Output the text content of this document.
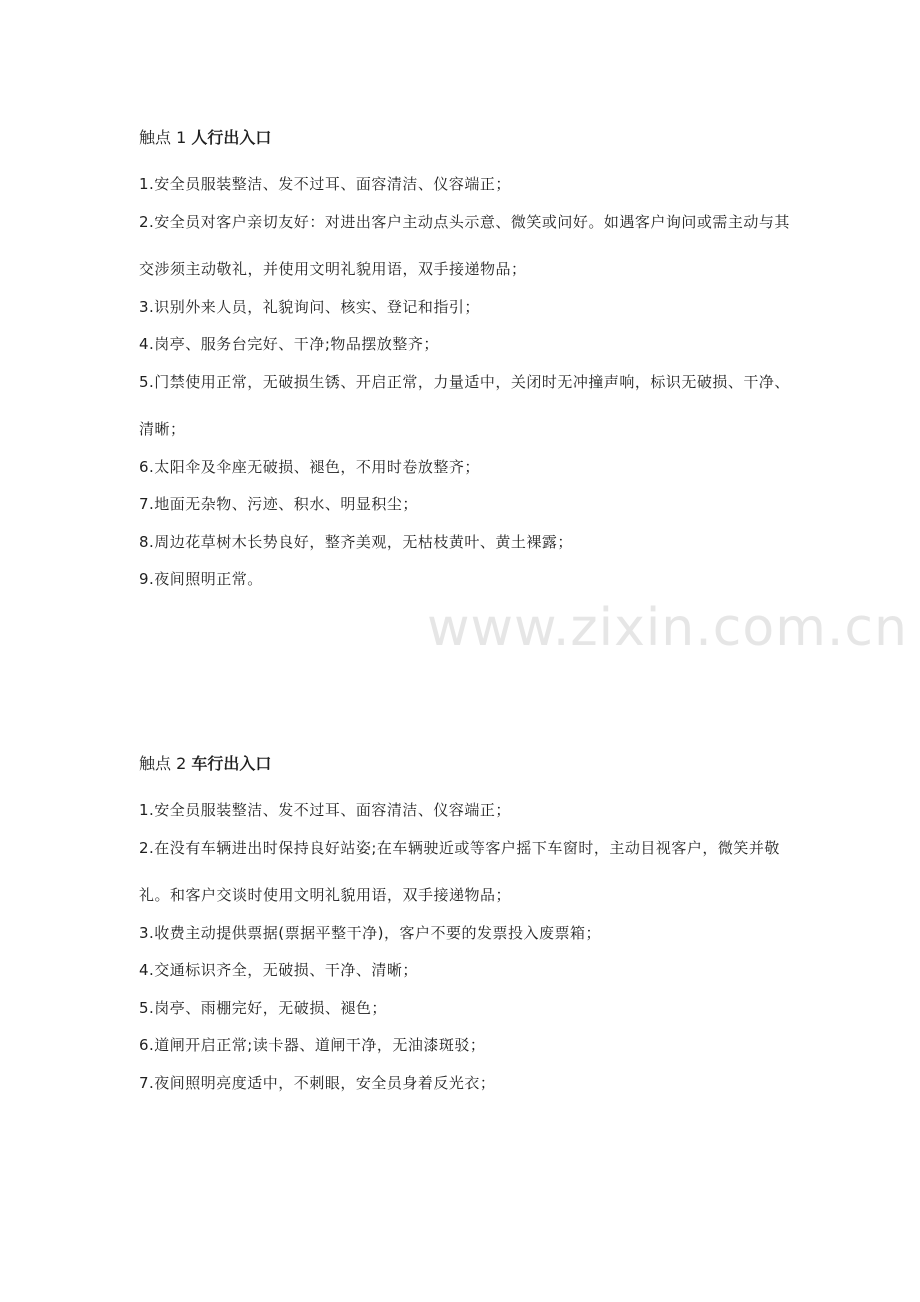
www.zixin.com.cn
触点 1 人行出入口
1.安全员服装整洁、发不过耳、面容清洁、仪容端正；
2.安全员对客户亲切友好：对进出客户主动点头示意、微笑或问好。如遇客户询问或需主动与其交涉须主动敬礼，并使用文明礼貌用语，双手接递物品；
3.识别外来人员，礼貌询问、核实、登记和指引；
4.岗亭、服务台完好、干净;物品摆放整齐；
5.门禁使用正常，无破损生锈、开启正常，力量适中，关闭时无冲撞声响，标识无破损、干净、清晰；
6.太阳伞及伞座无破损、褪色，不用时卷放整齐；
7.地面无杂物、污迹、积水、明显积尘；
8.周边花草树木长势良好，整齐美观，无枯枝黄叶、黄土裸露；
9.夜间照明正常。
触点 2 车行出入口
1.安全员服装整洁、发不过耳、面容清洁、仪容端正；
2.在没有车辆进出时保持良好站姿;在车辆驶近或等客户摇下车窗时，主动目视客户，微笑并敬礼。和客户交谈时使用文明礼貌用语，双手接递物品；
3.收费主动提供票据(票据平整干净)，客户不要的发票投入废票箱；
4.交通标识齐全，无破损、干净、清晰；
5.岗亭、雨棚完好，无破损、褪色；
6.道闸开启正常;读卡器、道闸干净，无油漆斑驳；
7.夜间照明亮度适中，不刺眼，安全员身着反光衣；
